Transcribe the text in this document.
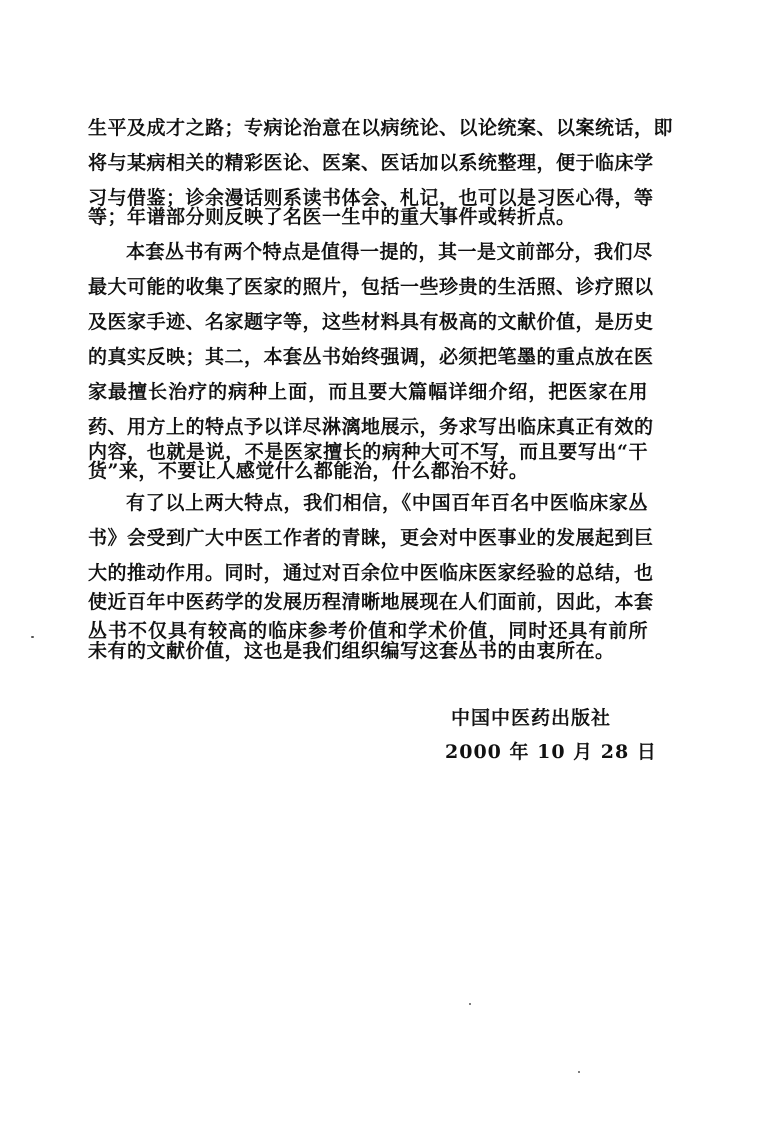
生平及成才之路；专病论治意在以病统论、以论统案、以案统话，即
将与某病相关的精彩医论、医案、医话加以系统整理，便于临床学
习与借鉴；诊余漫话则系读书体会、札记，也可以是习医心得，等
等；年谱部分则反映了名医一生中的重大事件或转折点。
本套丛书有两个特点是值得一提的，其一是文前部分，我们尽
最大可能的收集了医家的照片，包括一些珍贵的生活照、诊疗照以
及医家手迹、名家题字等，这些材料具有极高的文献价值，是历史
的真实反映；其二，本套丛书始终强调，必须把笔墨的重点放在医
家最擅长治疗的病种上面，而且要大篇幅详细介绍，把医家在用
药、用方上的特点予以详尽淋漓地展示，务求写出临床真正有效的
内容，也就是说，不是医家擅长的病种大可不写，而且要写出“干
货”来，不要让人感觉什么都能治，什么都治不好。
有了以上两大特点，我们相信，《中国百年百名中医临床家丛
书》会受到广大中医工作者的青睐，更会对中医事业的发展起到巨
大的推动作用。同时，通过对百余位中医临床医家经验的总结，也
使近百年中医药学的发展历程清晰地展现在人们面前，因此，本套
丛书不仅具有较高的临床参考价值和学术价值，同时还具有前所
未有的文献价值，这也是我们组织编写这套丛书的由衷所在。
中国中医药出版社
2000 年 10 月 28 日
